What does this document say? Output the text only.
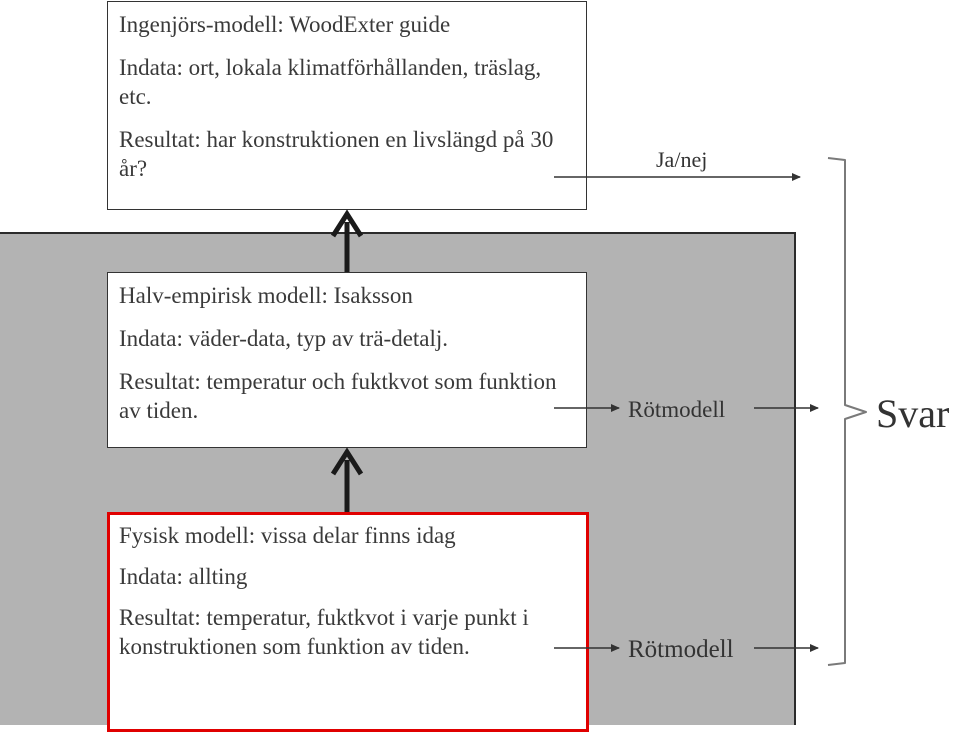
Ingenjörs-modell: WoodExter guide

Indata: ort, lokala klimatförhållanden, träslag, etc.

Resultat: har konstruktionen en livslängd på 30 år?

Halv-empirisk modell: Isaksson

Indata: väder-data, typ av trä-detalj.

Resultat: temperatur och fuktkvot som funktion av tiden.

Fysisk modell: vissa delar finns idag

Indata: allting

Resultat: temperatur, fuktkvot i varje punkt i konstruktionen som funktion av tiden.

Ja/nej
Rötmodell
Rötmodell
Svar
